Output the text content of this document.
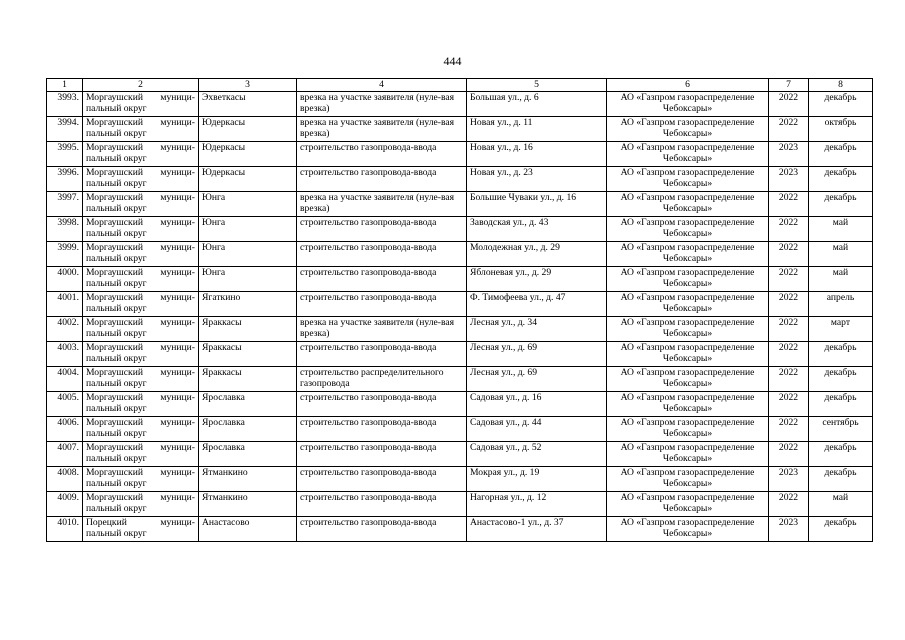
444
1	2	3	4	5	6	7	8
3993.	Моргаушский муници-пальный округ	Эхветкасы	врезка на участке заявителя (нуле-вая врезка)	Большая ул., д. 6	АО «Газпром газораспределение Чебоксары»	2022	декабрь
3994.	Моргаушский муници-пальный округ	Юдеркасы	врезка на участке заявителя (нуле-вая врезка)	Новая ул., д. 11	АО «Газпром газораспределение Чебоксары»	2022	октябрь
3995.	Моргаушский муници-пальный округ	Юдеркасы	строительство газопровода-ввода	Новая ул., д. 16	АО «Газпром газораспределение Чебоксары»	2023	декабрь
3996.	Моргаушский муници-пальный округ	Юдеркасы	строительство газопровода-ввода	Новая ул., д. 23	АО «Газпром газораспределение Чебоксары»	2023	декабрь
3997.	Моргаушский муници-пальный округ	Юнга	врезка на участке заявителя (нуле-вая врезка)	Большие Чуваки ул., д. 16	АО «Газпром газораспределение Чебоксары»	2022	декабрь
3998.	Моргаушский муници-пальный округ	Юнга	строительство газопровода-ввода	Заводская ул., д. 43	АО «Газпром газораспределение Чебоксары»	2022	май
3999.	Моргаушский муници-пальный округ	Юнга	строительство газопровода-ввода	Молодежная ул., д. 29	АО «Газпром газораспределение Чебоксары»	2022	май
4000.	Моргаушский муници-пальный округ	Юнга	строительство газопровода-ввода	Яблоневая ул., д. 29	АО «Газпром газораспределение Чебоксары»	2022	май
4001.	Моргаушский муници-пальный округ	Ягаткино	строительство газопровода-ввода	Ф. Тимофеева ул., д. 47	АО «Газпром газораспределение Чебоксары»	2022	апрель
4002.	Моргаушский муници-пальный округ	Яраккасы	врезка на участке заявителя (нуле-вая врезка)	Лесная ул., д. 34	АО «Газпром газораспределение Чебоксары»	2022	март
4003.	Моргаушский муници-пальный округ	Яраккасы	строительство газопровода-ввода	Лесная ул., д. 69	АО «Газпром газораспределение Чебоксары»	2022	декабрь
4004.	Моргаушский муници-пальный округ	Яраккасы	строительство распределительного газопровода	Лесная ул., д. 69	АО «Газпром газораспределение Чебоксары»	2022	декабрь
4005.	Моргаушский муници-пальный округ	Ярославка	строительство газопровода-ввода	Садовая ул., д. 16	АО «Газпром газораспределение Чебоксары»	2022	декабрь
4006.	Моргаушский муници-пальный округ	Ярославка	строительство газопровода-ввода	Садовая ул., д. 44	АО «Газпром газораспределение Чебоксары»	2022	сентябрь
4007.	Моргаушский муници-пальный округ	Ярославка	строительство газопровода-ввода	Садовая ул., д. 52	АО «Газпром газораспределение Чебоксары»	2022	декабрь
4008.	Моргаушский муници-пальный округ	Ятманкино	строительство газопровода-ввода	Мокрая ул., д. 19	АО «Газпром газораспределение Чебоксары»	2023	декабрь
4009.	Моргаушский муници-пальный округ	Ятманкино	строительство газопровода-ввода	Нагорная ул., д. 12	АО «Газпром газораспределение Чебоксары»	2022	май
4010.	Порецкий муници-пальный округ	Анастасово	строительство газопровода-ввода	Анастасово-1 ул., д. 37	АО «Газпром газораспределение Чебоксары»	2023	декабрь
